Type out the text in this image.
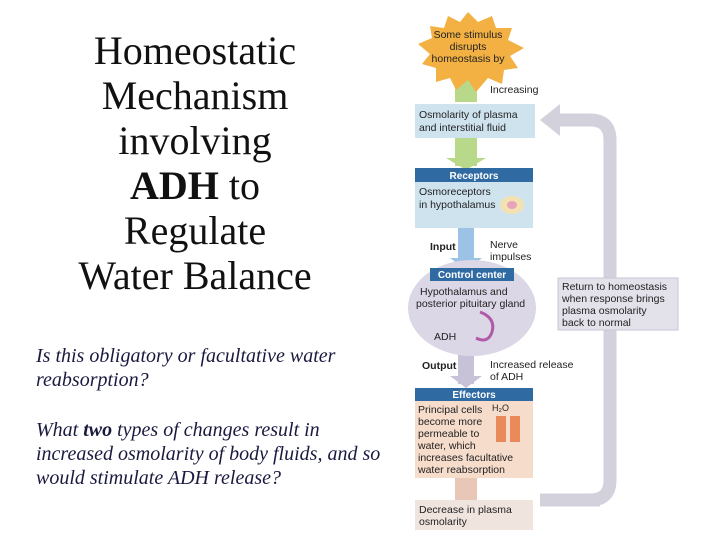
Homeostatic
Mechanism
involving
ADH to
Regulate
Water Balance
Is this obligatory or facultative water reabsorption?
What two types of changes result in increased osmolarity of body fluids, and so would stimulate ADH release?
Some stimulus
disrupts
homeostasis by
Increasing
Osmolarity of plasma
and interstitial fluid
Receptors
Osmoreceptors
in hypothalamus
Input	Nerve
impulses
Control center
Hypothalamus and
posterior pituitary gland
ADH
Output	Increased release
of ADH
Effectors
Principal cells
become more
permeable to
water, which
increases facultative
water reabsorption
H₂O
Decrease in plasma
osmolarity
Return to homeostasis
when response brings
plasma osmolarity
back to normal
